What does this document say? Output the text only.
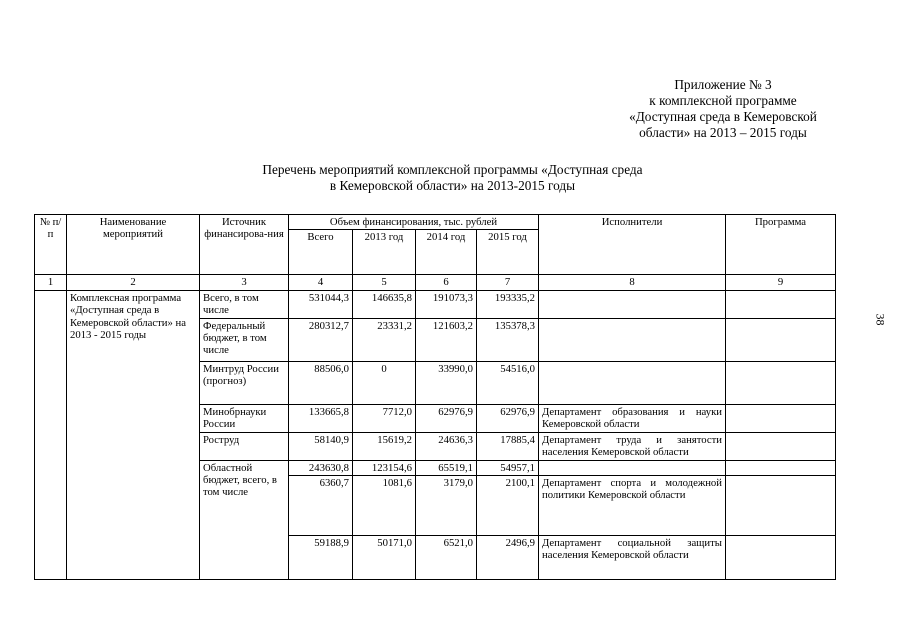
Приложение № 3
к комплексной программе
«Доступная среда в Кемеровской
области» на 2013 – 2015 годы
Перечень мероприятий комплексной программы «Доступная среда
в Кемеровской области» на 2013-2015 годы
38
№ п/п	Наименование мероприятий	Источник финансирова-ния	Объем финансирования, тыс. рублей				Исполнители	Программа
			Всего	2013 год	2014 год	2015 год		
1	2	3	4	5	6	7	8	9
	Комплексная программа «Доступная среда в Кемеровской области» на 2013 - 2015 годы	Всего, в том числе	531044,3	146635,8	191073,3	193335,2		
		Федеральный бюджет, в том числе	280312,7	23331,2	121603,2	135378,3		
		Минтруд России (прогноз)	88506,0	0	33990,0	54516,0		
		Минобрнауки России	133665,8	7712,0	62976,9	62976,9	Департамент образования и науки Кемеровской области	
		Роструд	58140,9	15619,2	24636,3	17885,4	Департамент труда и занятости населения Кемеровской области	
		Областной бюджет, всего, в том числе	243630,8	123154,6	65519,1	54957,1		
			6360,7	1081,6	3179,0	2100,1	Департамент спорта и молодежной политики Кемеровской области	
			59188,9	50171,0	6521,0	2496,9	Департамент социальной защиты населения Кемеровской области	
